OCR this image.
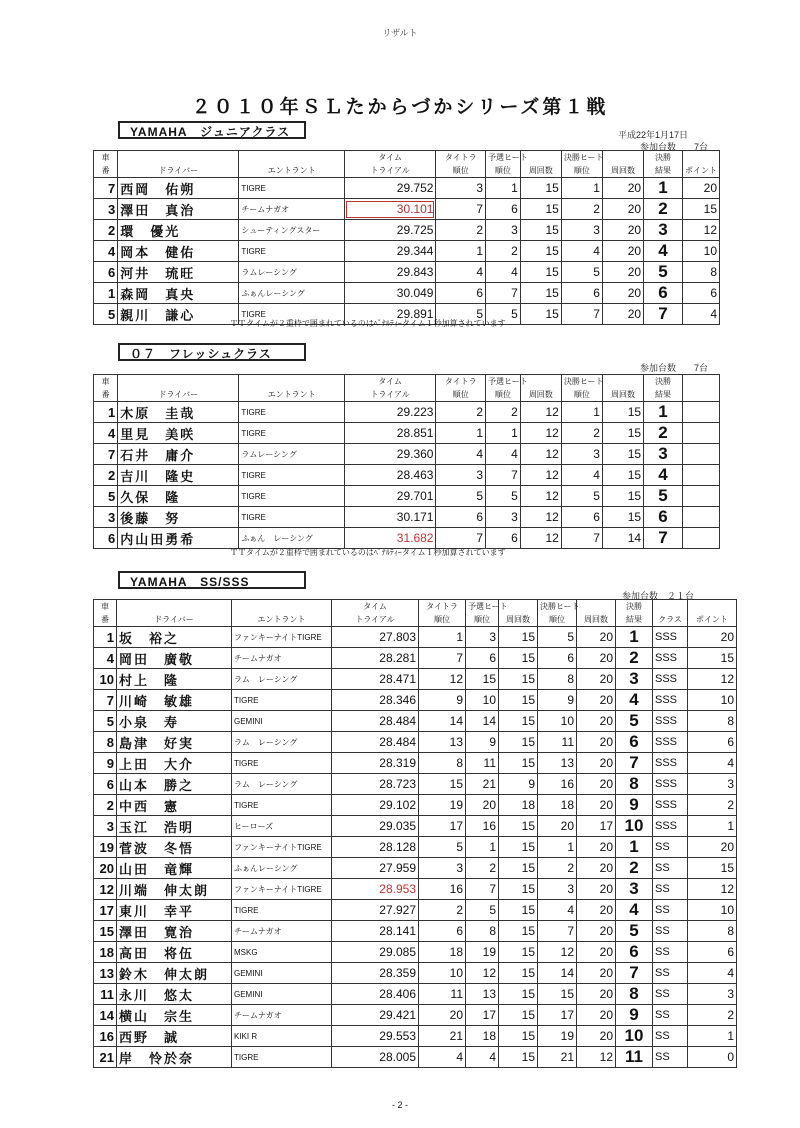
リザルト
２０１０年ＳＬたからづかシリーズ第１戦
YAMAHA　ジュニアクラス	平成22年1月17日
参加台数　　7台
車			タイム	タイトラ	予選ヒート		決勝ヒート		決勝	
番	ドライバー	エントラント	トライアル	順位	順位	周回数	順位	周回数	結果	ポイント
7	西岡　佑朔	TIGRE	29.752	3	1	15	1	20	1	20
3	澤田　真治	チームナガオ	30.101	7	6	15	2	20	2	15
2	環　優光	シューティングスター	29.725	2	3	15	3	20	3	12
4	岡本　健佑	TIGRE	29.344	1	2	15	4	20	4	10
6	河井　琉旺	ラムレーシング	29.843	4	4	15	5	20	5	8
1	森岡　真央	ふぁんレーシング	30.049	6	7	15	6	20	6	6
5	親川　謙心	TIGRE	29.891	5	5	15	7	20	7	4
ＴＴタイムが２重枠で囲まれているのはﾍﾟﾅﾙﾃｨｰタイム１秒加算されています
０７　フレッシュクラス
参加台数　　7台
車			タイム	タイトラ	予選ヒート		決勝ヒート		決勝	
番	ドライバー	エントラント	トライアル	順位	順位	周回数	順位	周回数	結果	
1	木原　圭哉	TIGRE	29.223	2	2	12	1	15	1	
4	里見　美咲	TIGRE	28.851	1	1	12	2	15	2	
7	石井　庸介	ラムレーシング	29.360	4	4	12	3	15	3	
2	吉川　隆史	TIGRE	28.463	3	7	12	4	15	4	
5	久保　隆	TIGRE	29.701	5	5	12	5	15	5	
3	後藤　努	TIGRE	30.171	6	3	12	6	15	6	
6	内山田勇希	ふぁん　レーシング	31.682	7	6	12	7	14	7	
ＴＴタイムが２重枠で囲まれているのはﾍﾟﾅﾙﾃｨｰタイム１秒加算されています
YAMAHA　SS/SSS
参加台数　２１台
車			タイム	タイトラ	予選ヒート		決勝ヒート		決勝		
番	ドライバー	エントラント	トライアル	順位	順位	周回数	順位	周回数	結果	クラス	ポイント
1	坂　裕之	ファンキーナイトTIGRE	27.803	1	3	15	5	20	1	SSS	20
4	岡田　廣敬	チームナガオ	28.281	7	6	15	6	20	2	SSS	15
10	村上　隆	ラム　レーシング	28.471	12	15	15	8	20	3	SSS	12
7	川崎　敏雄	TIGRE	28.346	9	10	15	9	20	4	SSS	10
5	小泉　寿	GEMINI	28.484	14	14	15	10	20	5	SSS	8
8	島津　好実	ラム　レーシング	28.484	13	9	15	11	20	6	SSS	6
9	上田　大介	TIGRE	28.319	8	11	15	13	20	7	SSS	4
6	山本　勝之	ラム　レーシング	28.723	15	21	9	16	20	8	SSS	3
2	中西　憲	TIGRE	29.102	19	20	18	18	20	9	SSS	2
3	玉江　浩明	ヒーローズ	29.035	17	16	15	20	17	10	SSS	1
19	菅波　冬悟	ファンキーナイトTIGRE	28.128	5	1	15	1	20	1	SS	20
20	山田　竜輝	ふぁんレーシング	27.959	3	2	15	2	20	2	SS	15
12	川端　伸太朗	ファンキーナイトTIGRE	28.953	16	7	15	3	20	3	SS	12
17	東川　幸平	TIGRE	27.927	2	5	15	4	20	4	SS	10
15	澤田　寛治	チームナガオ	28.141	6	8	15	7	20	5	SS	8
18	高田　将伍	MSKG	29.085	18	19	15	12	20	6	SS	6
13	鈴木　伸太朗	GEMINI	28.359	10	12	15	14	20	7	SS	4
11	永川　悠太	GEMINI	28.406	11	13	15	15	20	8	SS	3
14	横山　宗生	チームナガオ	29.421	20	17	15	17	20	9	SS	2
16	西野　誠	KIKI R	29.553	21	18	15	19	20	10	SS	1
21	岸　怜於奈	TIGRE	28.005	4	4	15	21	12	11	SS	0
- 2 -
